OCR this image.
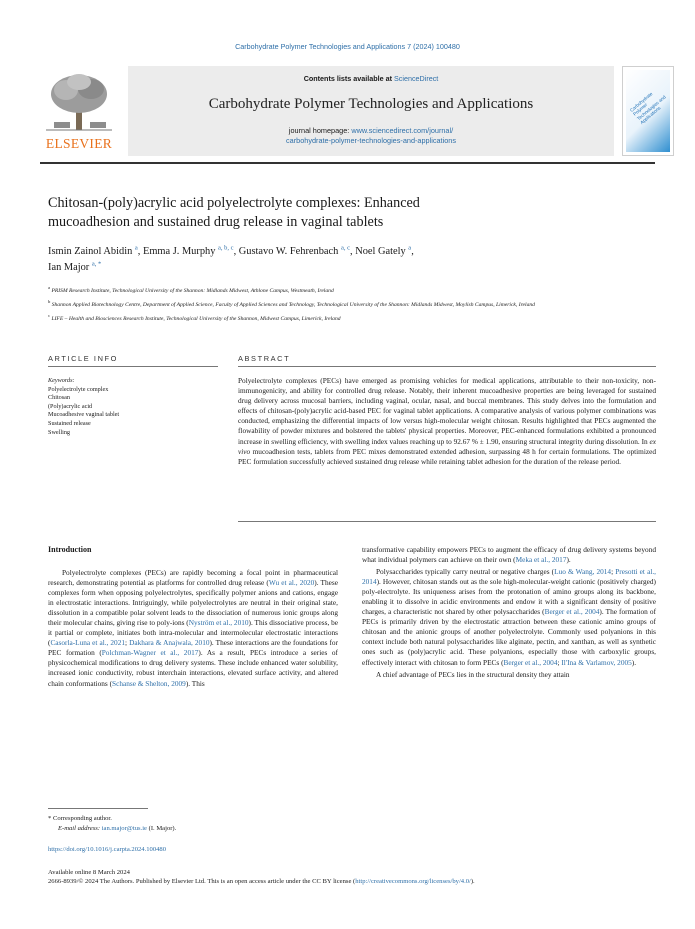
Carbohydrate Polymer Technologies and Applications 7 (2024) 100480
ELSEVIER
Contents lists available at ScienceDirect
Carbohydrate Polymer Technologies and Applications
journal homepage: www.sciencedirect.com/journal/
carbohydrate-polymer-technologies-and-applications
Carbohydrate Polymer Technologies and Applications
Chitosan-(poly)acrylic acid polyelectrolyte complexes: Enhanced
mucoadhesion and sustained drug release in vaginal tablets
Ismin Zainol Abidin $^a$, Emma J. Murphy $^{a, b, c}$, Gustavo W. Fehrenbach $^{a, c}$, Noel Gately $^a$,
Ian Major $^{a, *}$

$^a$ PRISM Research Institute, Technological University of the Shannon: Midlands Midwest, Athlone Campus, Westmeath, Ireland

$^b$ Shannon Applied Biotechnology Centre, Department of Applied Science, Faculty of Applied Sciences and Technology, Technological University of the Shannon: Midlands Midwest, Moylish Campus, Limerick, Ireland

$^c$ LIFE – Health and Biosciences Research Institute, Technological University of the Shannon, Midwest Campus, Limerick, Ireland

ARTICLE INFO
Keywords:
Polyelectrolyte complex
Chitosan
(Poly)acrylic acid
Mucoadhesive vaginal tablet
Sustained release
Swelling
ABSTRACT
Polyelectrolyte complexes (PECs) have emerged as promising vehicles for medical applications, attributable to their non-toxicity, non-immunogenicity, and ability for controlled drug release. Notably, their inherent mucoadhesive properties are being leveraged for sustained drug delivery across mucosal barriers, including vaginal, ocular, nasal, and buccal membranes. This study delves into the formulation and effects of chitosan-(poly)acrylic acid-based PEC for vaginal tablet applications. A comparative analysis of various polymer combinations was conducted, emphasizing the differential impacts of low versus high-molecular weight chitosan. Results highlighted that PECs augmented the flowability of powder mixtures and bolstered the tablets' physical properties. Moreover, PEC-enhanced formulations exhibited a pronounced increase in swelling efficiency, with swelling index values reaching up to 92.67 % ± 1.90, ensuring structural integrity during dissolution. In ex vivo mucoadhesion tests, tablets from PEC mixes demonstrated extended adhesion, surpassing 48 h for certain formulations. The optimized PEC formulation successfully achieved sustained drug release while retaining tablet adhesion for the duration of the release period.
Introduction

Polyelectrolyte complexes (PECs) are rapidly becoming a focal point in pharmaceutical research, demonstrating potential as platforms for controlled drug release (Wu et al., 2020). These complexes form when opposing polyelectrolytes, specifically polymer anions and cations, engage in electrostatic interactions. Intriguingly, while polyelectrolytes are neutral in their original state, dissolution in a compatible polar solvent leads to the dissociation of numerous ionic groups along their molecular chains, giving rise to poly-ions (Nyström et al., 2010). This dissociative process, be it partial or complete, initiates both intra-molecular and intermolecular electrostatic interactions (Casorla-Luna et al., 2021; Dakhara & Anajwala, 2010). These interactions are the foundations for PEC formation (Polchman-Wagner et al., 2017). As a result, PECs introduce a series of physicochemical modifications to drug delivery systems. These include enhanced water solubility, increased ionic conductivity, robust interchain interactions, elevated surface activity, and altered chain conformations (Schanse & Shelton, 2009). This

transformative capability empowers PECs to augment the efficacy of drug delivery systems beyond what individual polymers can achieve on their own (Meka et al., 2017).

Polysaccharides typically carry neutral or negative charges (Luo & Wang, 2014; Presotti et al., 2014). However, chitosan stands out as the sole high-molecular-weight cationic (positively charged) poly-electrolyte. Its uniqueness arises from the protonation of amino groups along its backbone, enabling it to dissolve in acidic environments and endow it with a significant density of positive charges, a characteristic not shared by other polysaccharides (Berger et al., 2004). The formation of PECs is primarily driven by the electrostatic attraction between these cationic amino groups of chitosan and the anionic groups of another polyelectrolyte. Commonly used polyanions in this context include both natural polysaccharides like alginate, pectin, and xanthan, as well as synthetic ones such as (poly)acrylic acid. These polyanions, especially those with carboxylic groups, effectively interact with chitosan to form PECs (Berger et al., 2004; Il'Ina & Varlamov, 2005).

A chief advantage of PECs lies in the structural density they attain

* Corresponding author.
E-mail address: ian.major@tus.ie (I. Major).
https://doi.org/10.1016/j.carpta.2024.100480
Available online 8 March 2024
2666-8939/© 2024 The Authors. Published by Elsevier Ltd. This is an open access article under the CC BY license (http://creativecommons.org/licenses/by/4.0/).
